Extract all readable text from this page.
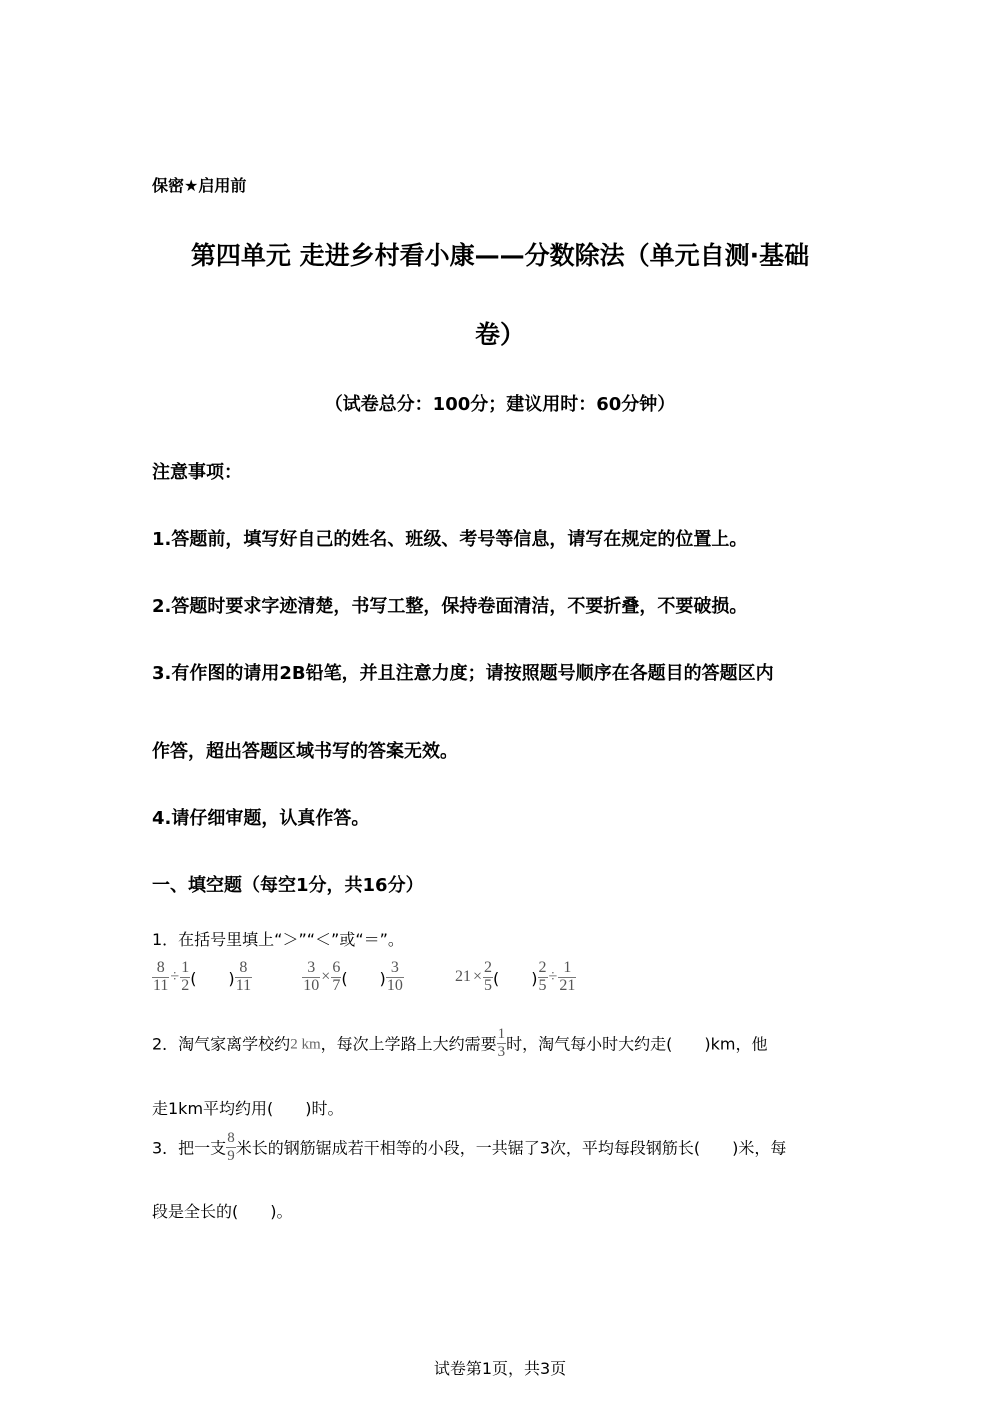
保密★启用前
第四单元 走进乡村看小康——分数除法（单元自测·基础
卷）
（试卷总分：100分；建议用时：60分钟）
注意事项：
1.答题前，填写好自己的姓名、班级、考号等信息，请写在规定的位置上。
2.答题时要求字迹清楚，书写工整，保持卷面清洁，不要折叠，不要破损。
3.有作图的请用2B铅笔，并且注意力度；请按照题号顺序在各题目的答题区内
作答，超出答题区域书写的答案无效。
4.请仔细审题，认真作答。
一、填空题（每空1分，共16分）
1．在括号里填上“＞”“＜”或“＝”。
$\frac{8}{11} \div \frac{1}{2}$ (　　) $\frac{8}{11}$
	$\frac{3}{10} \times \frac{6}{7}$ (　　) $\frac{3}{10}$	$21 \times \frac{2}{5}$ (　　) $\frac{2}{5} \div \frac{1}{21}$
2．淘气家离学校约2 km，每次上学路上大约需要 $\frac{1}{3}$ 时，淘气每小时大约走(　　)km，他
走1km平均约用(　　)时。
3．把一支 $\frac{8}{9}$ 米长的钢筋锯成若干相等的小段，一共锯了3次，平均每段钢筋长(　　)米，每
段是全长的(　　)。
试卷第1页，共3页
